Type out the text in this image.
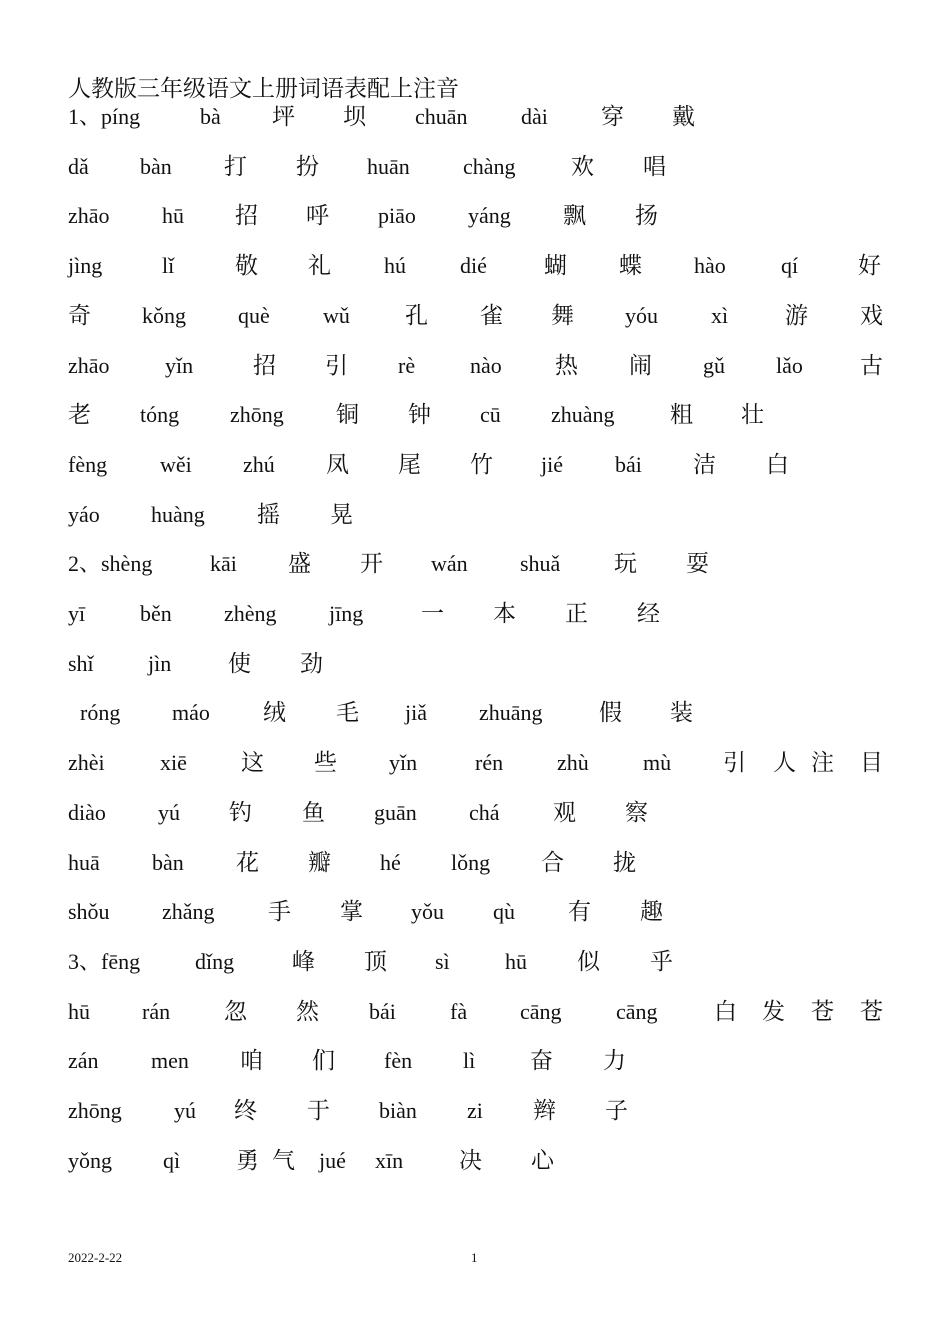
人教版三年级语文上册词语表配上注音
1、píng	bà 坪 坝 chuān dài 穿 戴
dǎ bàn 打 扮 huān chàng 欢 唱
zhāo hū 招 呼 piāo yáng 飘 扬
jìng	lǐ	敬 礼 hú dié 蝴 蝶 hào	qí	好
奇 kǒng què wǔ 孔 雀 舞 yóu xì 游 戏
zhāo	yǐn	招 引 rè nào 热 闹 gǔ lǎo 古
老 tóng zhōng 铜 钟 cū zhuàng 粗 壮
fèng wěi zhú 凤 尾 竹 jié bái 洁 白
yáo huàng 摇 晃
2、shèng	kāi 盛 开 wán shuǎ 玩 耍
yī běn zhèng jīng	一 本 正 经
shǐ jìn 使 劲
róng máo 绒 毛 jiǎ zhuāng 假 装
zhèi	xiē 这 些 yǐn	rén zhù mù 引 人 注 目
diào yú 钓 鱼 guān chá 观 察
huā bàn 花 瓣 hé lǒng 合 拢
shǒu zhǎng 手 掌 yǒu qù 有 趣
3、fēng dǐng	峰 顶 sì	hū 似 乎
hū rán 忽 然 bái fà cāng cāng 白 发 苍 苍
zán men 咱 们 fèn lì 奋 力
zhōng yú 终 于 biàn zi 辫 子
yǒng qì 勇 气 jué xīn 决 心
2022-2-22	1
